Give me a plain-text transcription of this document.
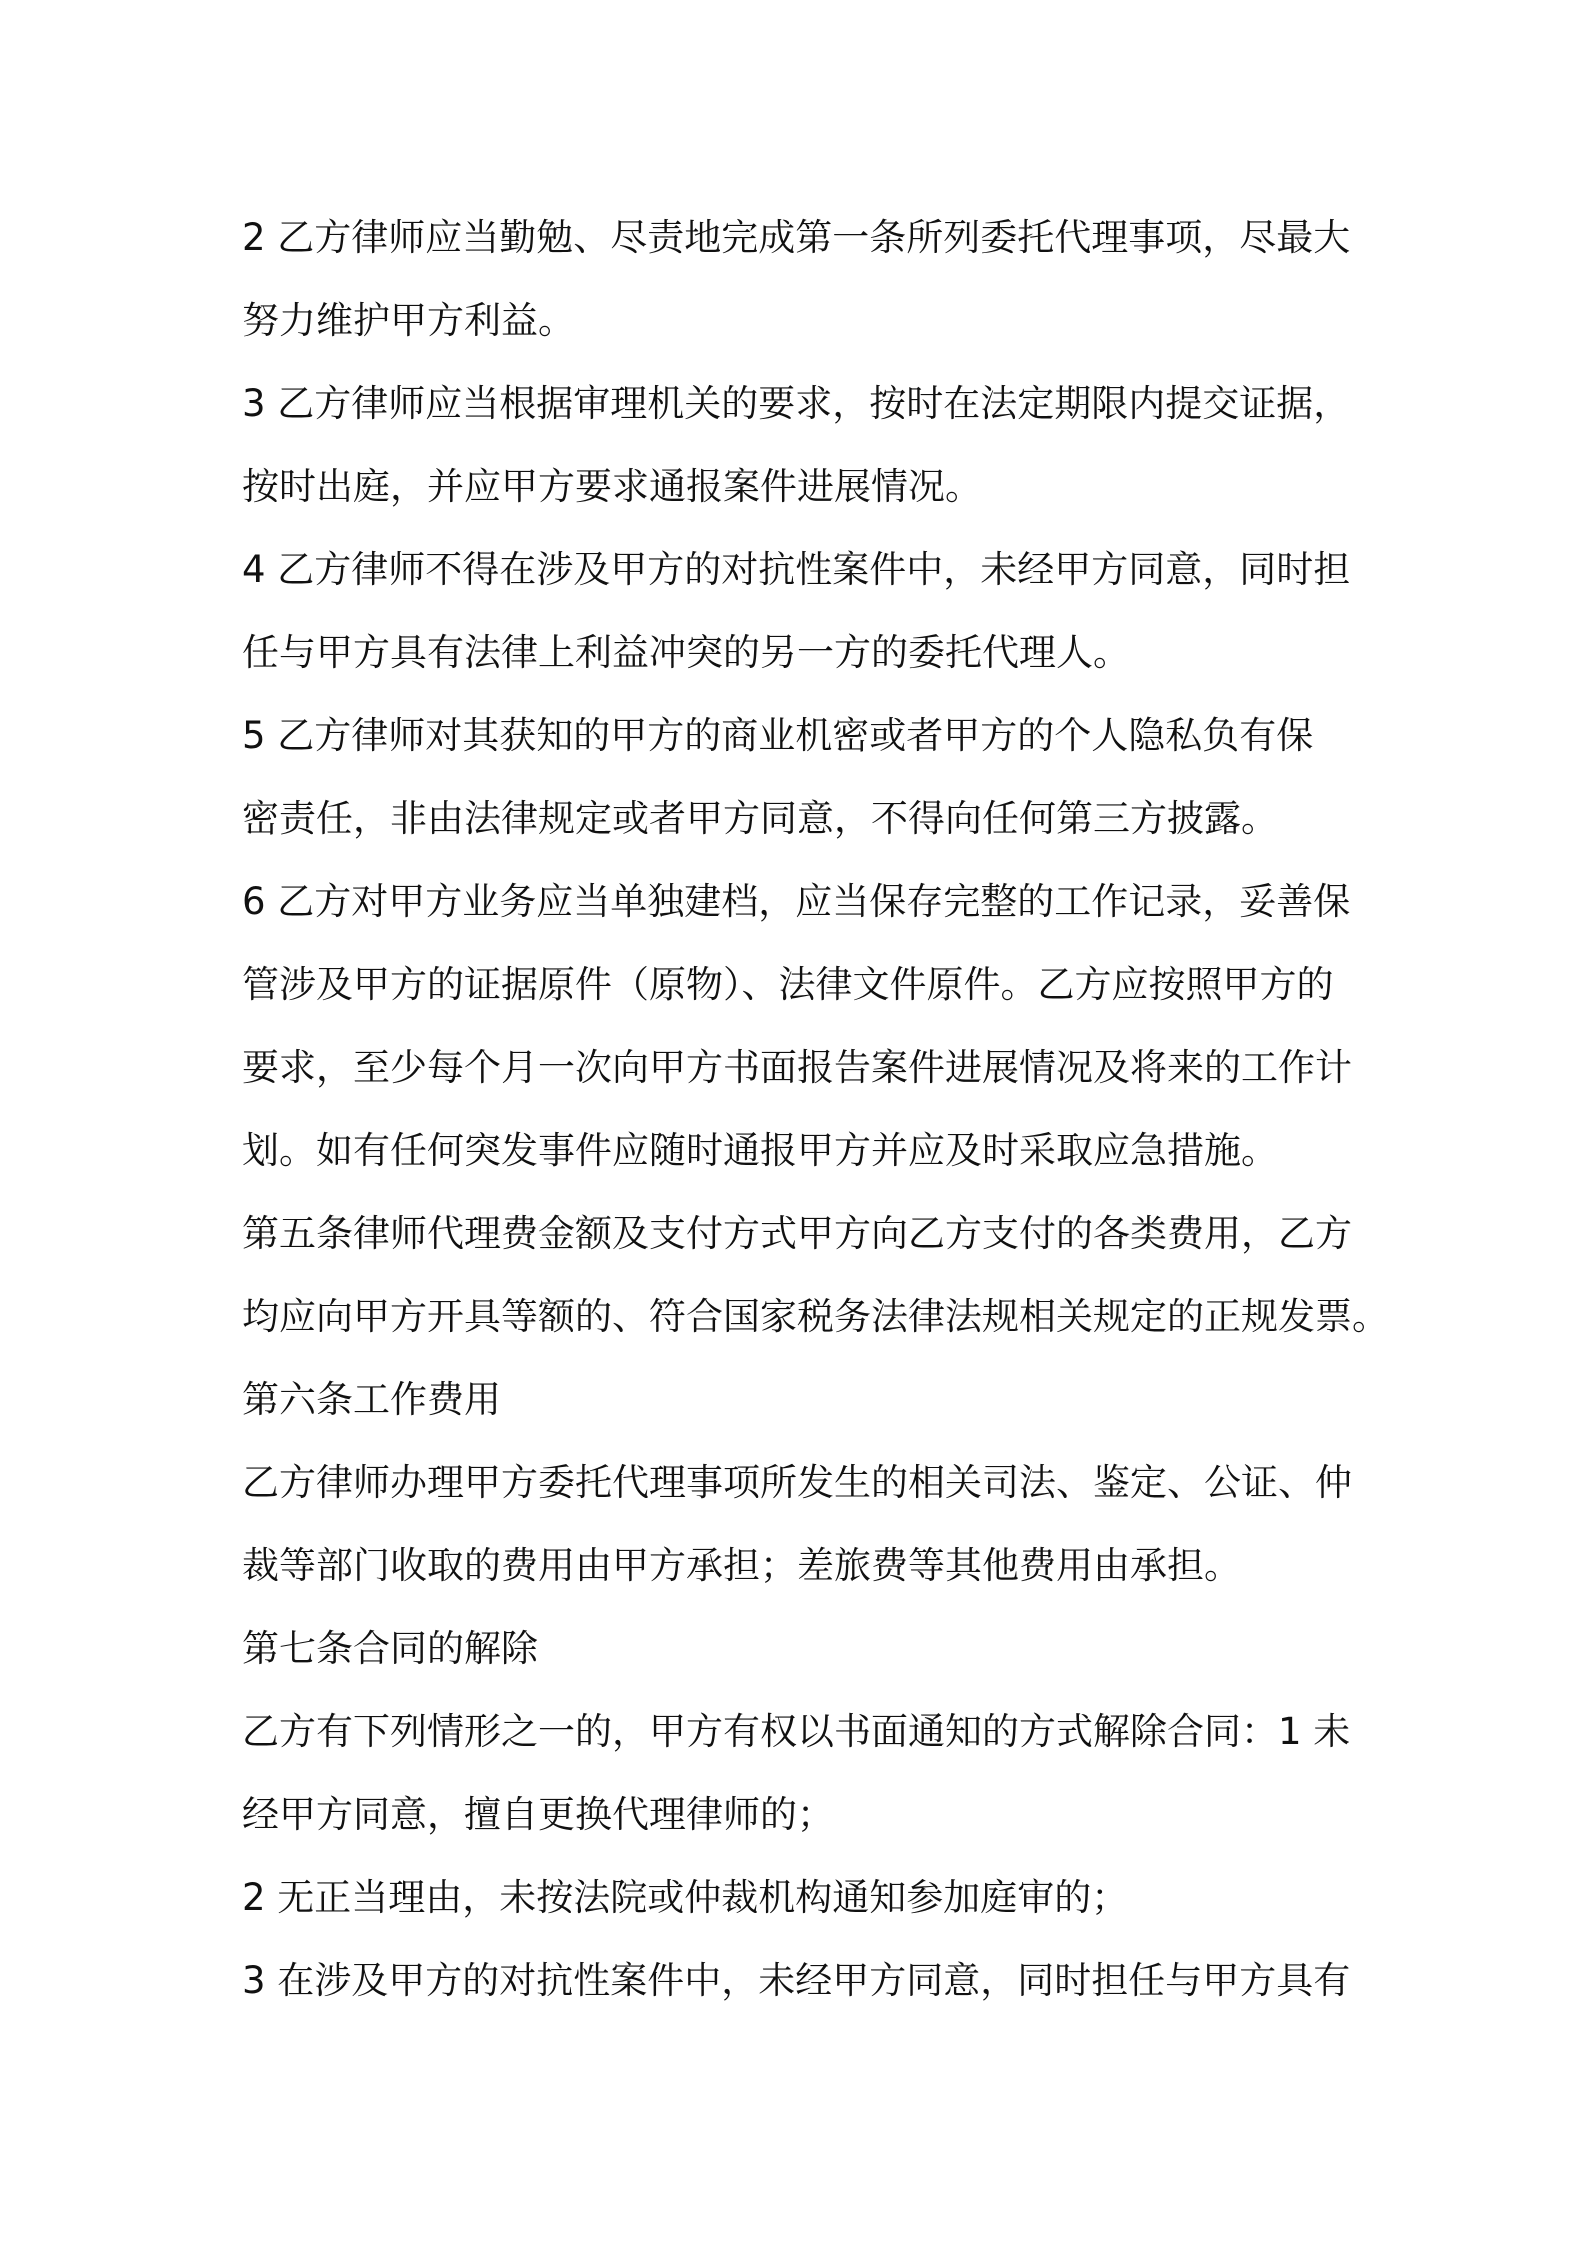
2 乙方律师应当勤勉、尽责地完成第一条所列委托代理事项，尽最大
努力维护甲方利益。
3 乙方律师应当根据审理机关的要求，按时在法定期限内提交证据，
按时出庭，并应甲方要求通报案件进展情况。
4 乙方律师不得在涉及甲方的对抗性案件中，未经甲方同意，同时担
任与甲方具有法律上利益冲突的另一方的委托代理人。
5 乙方律师对其获知的甲方的商业机密或者甲方的个人隐私负有保
密责任，非由法律规定或者甲方同意，不得向任何第三方披露。
6 乙方对甲方业务应当单独建档，应当保存完整的工作记录，妥善保
管涉及甲方的证据原件（原物）、法律文件原件。乙方应按照甲方的
要求，至少每个月一次向甲方书面报告案件进展情况及将来的工作计
划。如有任何突发事件应随时通报甲方并应及时采取应急措施。
第五条律师代理费金额及支付方式甲方向乙方支付的各类费用，乙方
均应向甲方开具等额的、符合国家税务法律法规相关规定的正规发票。
第六条工作费用
乙方律师办理甲方委托代理事项所发生的相关司法、鉴定、公证、仲
裁等部门收取的费用由甲方承担；差旅费等其他费用由承担。
第七条合同的解除
乙方有下列情形之一的，甲方有权以书面通知的方式解除合同：1 未
经甲方同意，擅自更换代理律师的；
2 无正当理由，未按法院或仲裁机构通知参加庭审的；
3 在涉及甲方的对抗性案件中，未经甲方同意，同时担任与甲方具有
